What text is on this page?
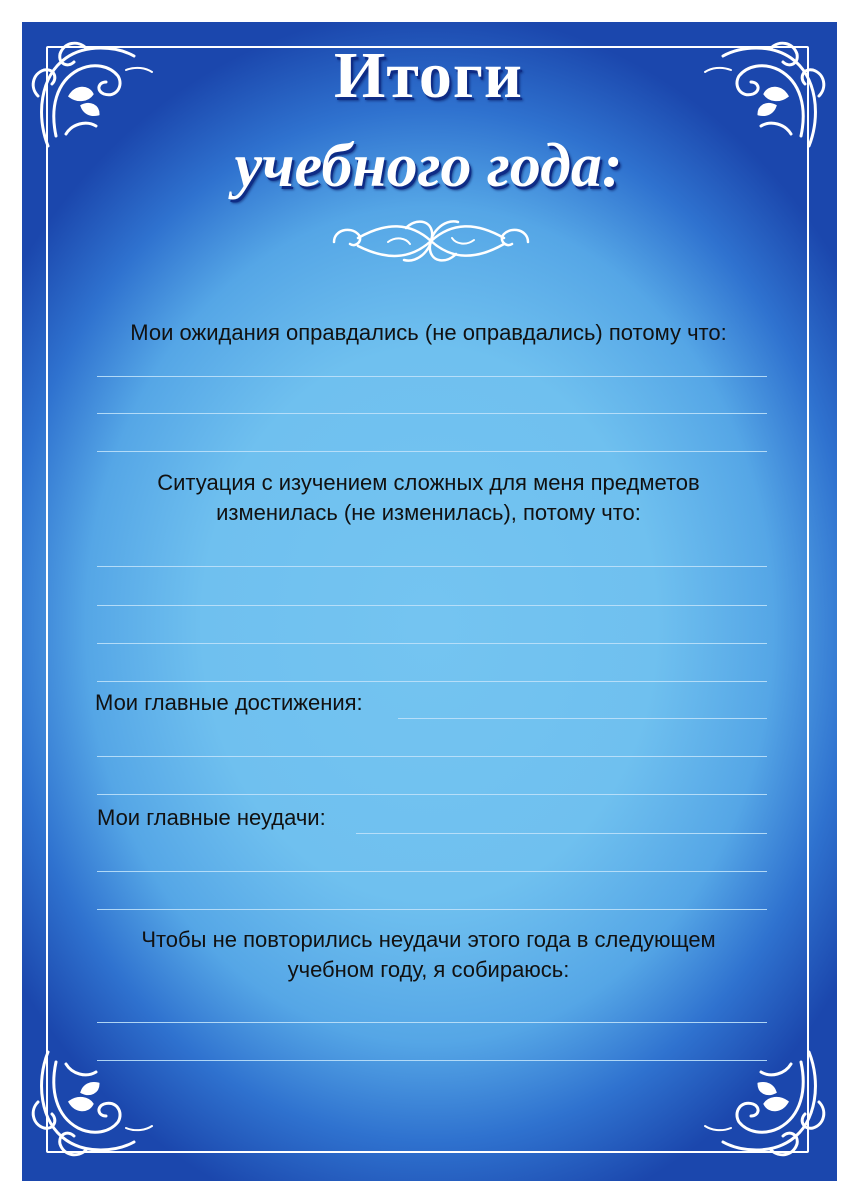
Итоги
учебного года:

Мои ожидания оправдались (не оправдались) потому что:

Ситуация с изучением сложных для меня предметов

изменилась (не изменилась), потому что:

Мои главные достижения:

Мои главные неудачи:

Чтобы не повторились неудачи этого года в следующем

учебном году, я собираюсь:
